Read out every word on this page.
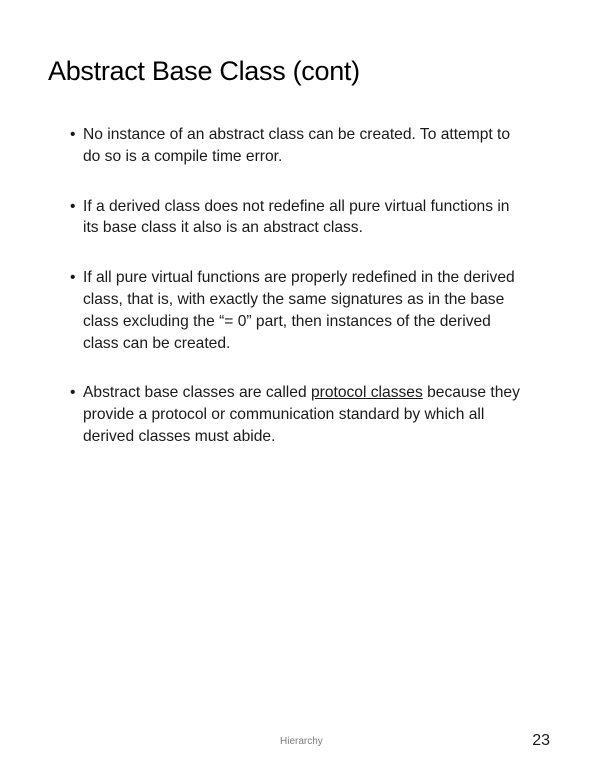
Abstract Base Class (cont)
• No instance of an abstract class can be created. To attempt to do so is a compile time error.
• If a derived class does not redefine all pure virtual functions in its base class it also is an abstract class.
• If all pure virtual functions are properly redefined in the derived class, that is, with exactly the same signatures as in the base class excluding the “= 0” part, then instances of the derived class can be created.
• Abstract base classes are called protocol classes because they provide a protocol or communication standard by which all derived classes must abide.
Hierarchy	23
